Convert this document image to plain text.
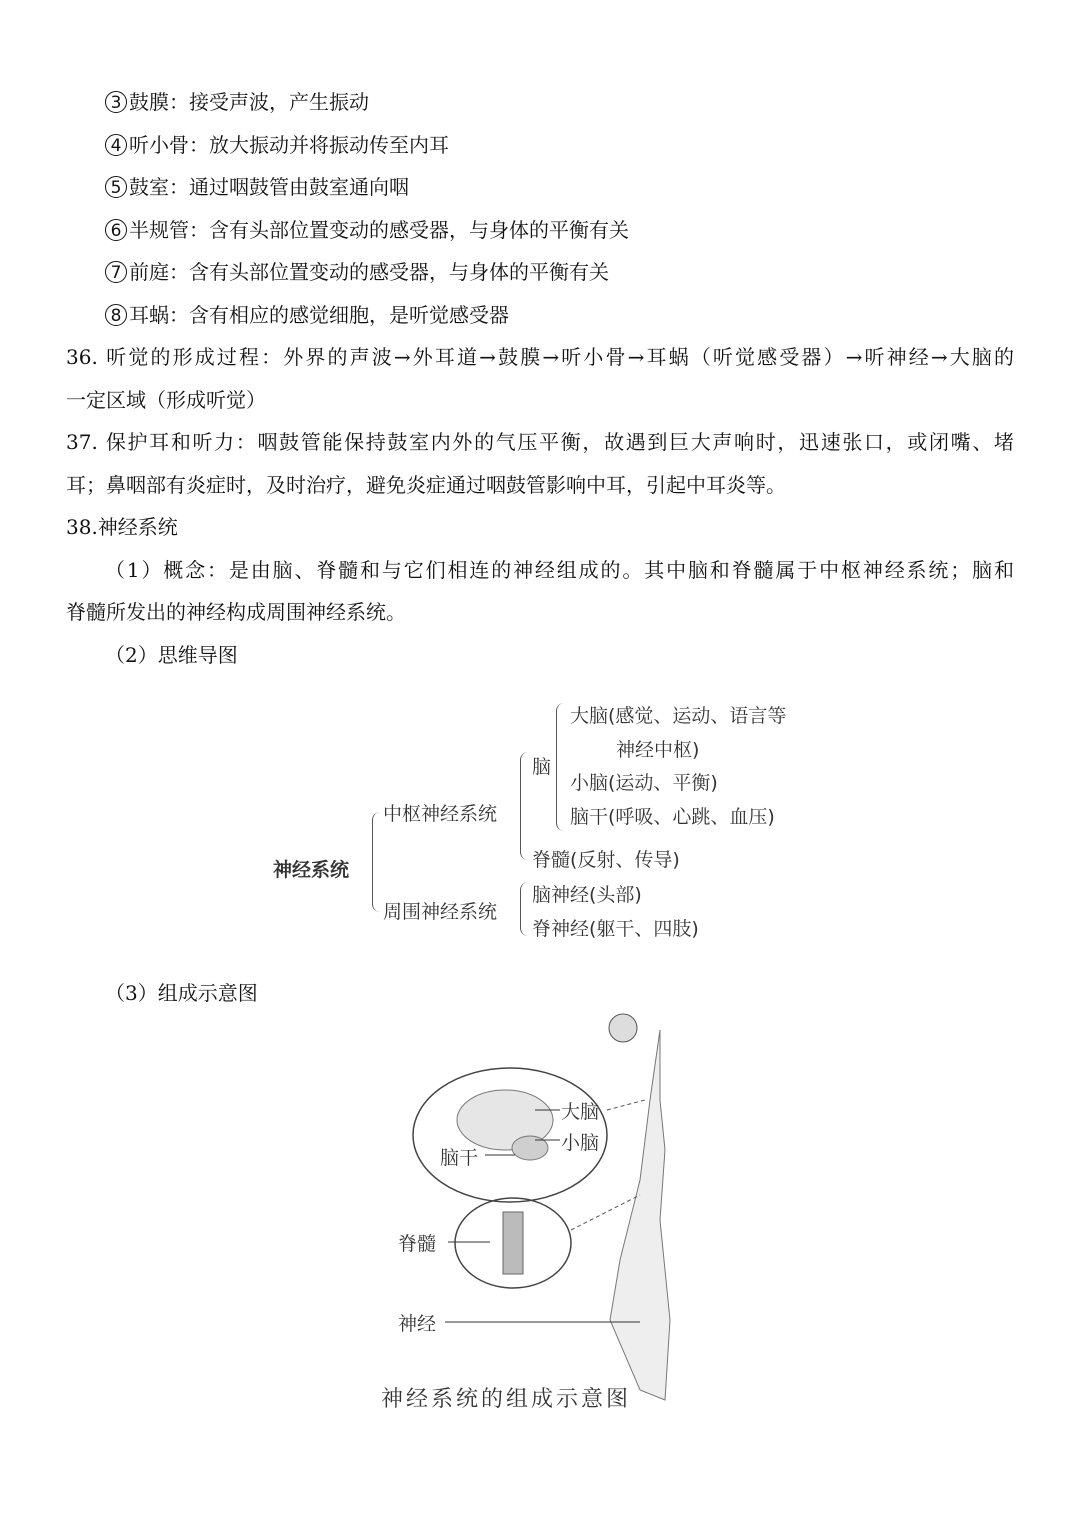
3 鼓膜：接受声波，产生振动
4 听小骨：放大振动并将振动传至内耳
5 鼓室：通过咽鼓管由鼓室通向咽
6 半规管：含有头部位置变动的感受器，与身体的平衡有关
7 前庭：含有头部位置变动的感受器，与身体的平衡有关
8 耳蜗：含有相应的感觉细胞，是听觉感受器
36. 听觉的形成过程：外界的声波→外耳道→鼓膜→听小骨→耳蜗（听觉感受器）→听神经→大脑的
一定区域（形成听觉）
37. 保护耳和听力：咽鼓管能保持鼓室内外的气压平衡，故遇到巨大声响时，迅速张口，或闭嘴、堵
耳；鼻咽部有炎症时，及时治疗，避免炎症通过咽鼓管影响中耳，引起中耳炎等。
38.神经系统
（1）概念：是由脑、脊髓和与它们相连的神经组成的。其中脑和脊髓属于中枢神经系统；脑和
脊髓所发出的神经构成周围神经系统。
（2）思维导图
神经系统
中枢神经系统
周围神经系统
脑
大脑(感觉、运动、语言等
神经中枢)
小脑(运动、平衡)
脑干(呼吸、心跳、血压)
脊髓(反射、传导)
脑神经(头部)
脊神经(躯干、四肢)
（3）组成示意图
大脑
小脑
脑干
脊髓
神经
神经系统的组成示意图
